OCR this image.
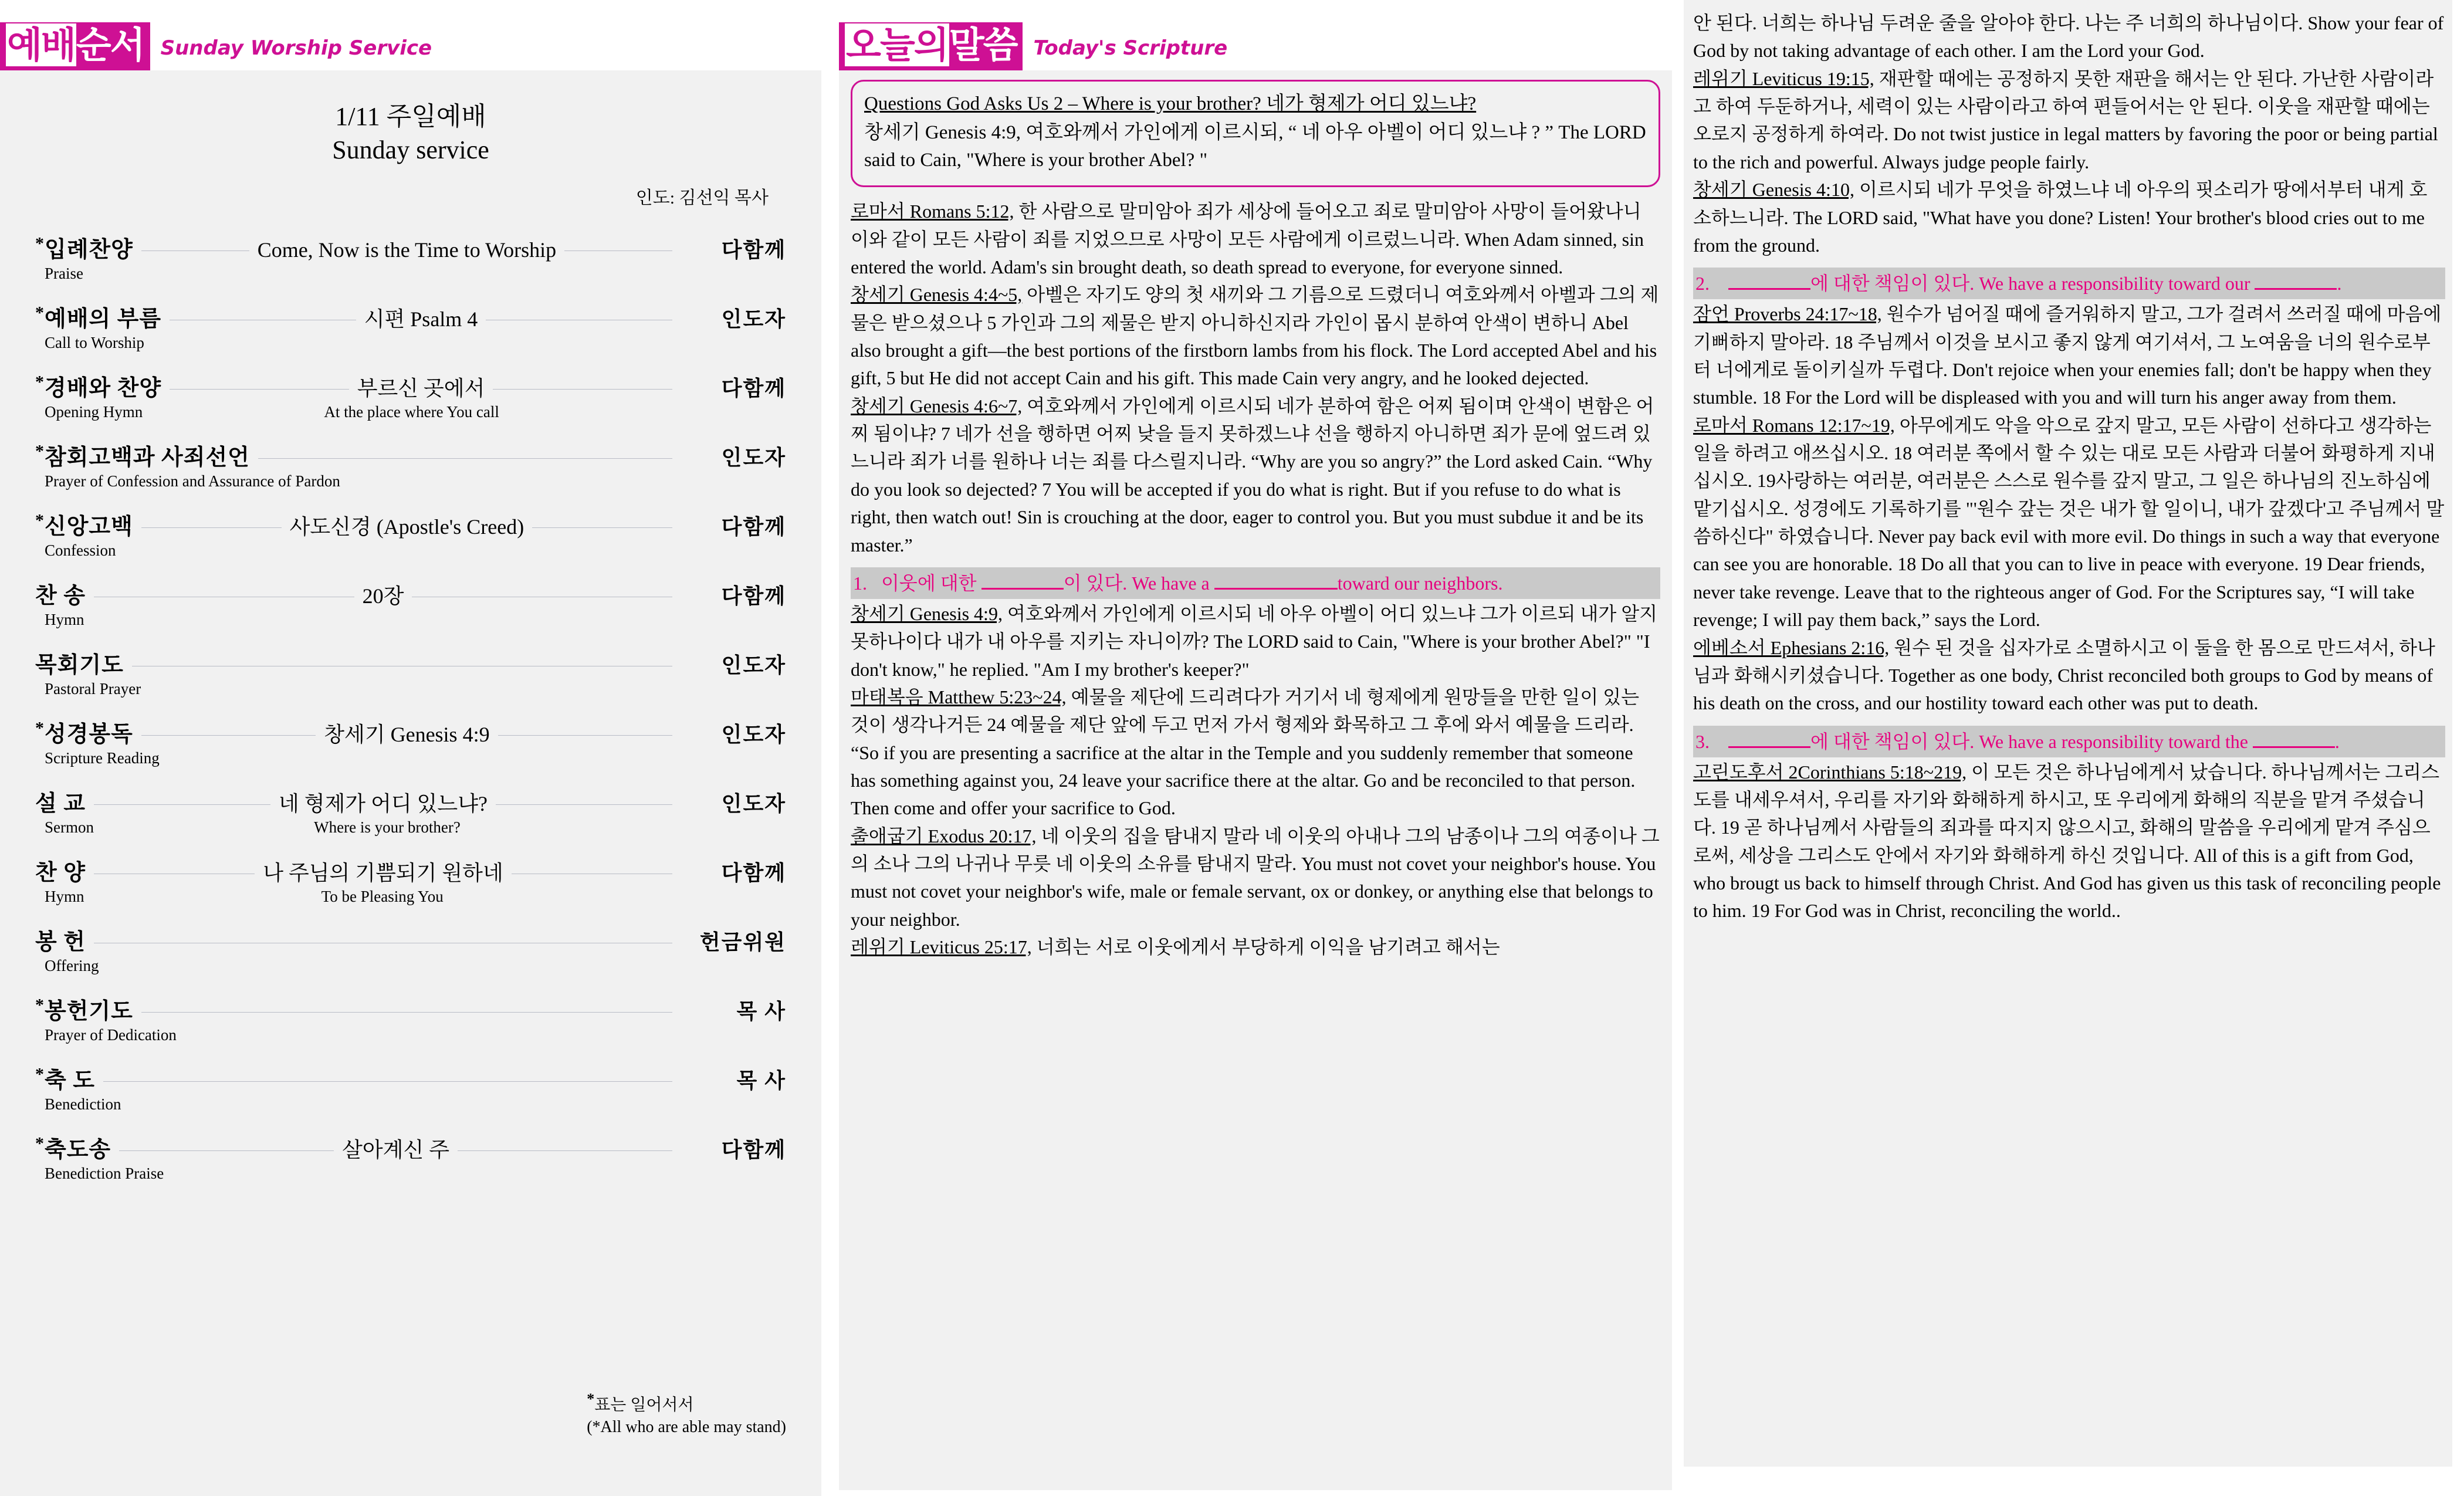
예배순서 Sunday Worship Service
1/11 주일예배
Sunday service
인도: 김선익 목사
*입례찬양	Come, Now is the Time to Worship	다함께
Praise
*예배의 부름	시편 Psalm 4	인도자
Call to Worship
*경배와 찬양	부르신 곳에서	다함께
Opening Hymn	At the place where You call
*참회고백과 사죄선언	인도자
Prayer of Confession and Assurance of Pardon
*신앙고백	사도신경 (Apostle's Creed)	다함께
Confession
찬 송	20장	다함께
Hymn
목회기도	인도자
Pastoral Prayer
*성경봉독	창세기 Genesis 4:9	인도자
Scripture Reading
설 교	네 형제가 어디 있느냐?	인도자
Sermon	Where is your brother?
찬 양	나 주님의 기쁨되기 원하네	다함께
Hymn	To be Pleasing You
봉 헌	헌금위원
Offering
*봉헌기도	목 사
Prayer of Dedication
*축 도	목 사
Benediction
*축도송	살아계신 주	다함께
Benediction Praise
*표는 일어서서
(*All who are able may stand)
오늘의말씀 Today's Scripture
Questions God Asks Us 2 – Where is your brother? 네가 형제가 어디 있느냐?

창세기 Genesis 4:9, 여호와께서 가인에게 이르시되, “ 네 아우 아벨이 어디 있느냐 ? ” The LORD said to Cain, "Where is your brother Abel? "

로마서 Romans 5:12, 한 사람으로 말미암아 죄가 세상에 들어오고 죄로 말미암아 사망이 들어왔나니 이와 같이 모든 사람이 죄를 지었으므로 사망이 모든 사람에게 이르렀느니라. When Adam sinned, sin entered the world. Adam's sin brought death, so death spread to everyone, for everyone sinned.

창세기 Genesis 4:4~5, 아벨은 자기도 양의 첫 새끼와 그 기름으로 드렸더니 여호와께서 아벨과 그의 제물은 받으셨으나 5 가인과 그의 제물은 받지 아니하신지라 가인이 몹시 분하여 안색이 변하니 Abel also brought a gift—the best portions of the firstborn lambs from his flock. The Lord accepted Abel and his gift, 5 but He did not accept Cain and his gift. This made Cain very angry, and he looked dejected.

창세기 Genesis 4:6~7, 여호와께서 가인에게 이르시되 네가 분하여 함은 어찌 됨이며 안색이 변함은 어찌 됨이냐? 7 네가 선을 행하면 어찌 낮을 들지 못하겠느냐 선을 행하지 아니하면 죄가 문에 엎드려 있느니라 죄가 너를 원하나 너는 죄를 다스릴지니라. “Why are you so angry?” the Lord asked Cain. “Why do you look so dejected? 7 You will be accepted if you do what is right. But if you refuse to do what is right, then watch out! Sin is crouching at the door, eager to control you. But you must subdue it and be its master.”

1. 이웃에 대한	이 있다. We have a	toward our neighbors.

창세기 Genesis 4:9, 여호와께서 가인에게 이르시되 네 아우 아벨이 어디 있느냐 그가 이르되 내가 알지 못하나이다 내가 내 아우를 지키는 자니이까? The LORD said to Cain, "Where is your brother Abel?" "I don't know," he replied. "Am I my brother's keeper?"

마태복음 Matthew 5:23~24, 예물을 제단에 드리려다가 거기서 네 형제에게 원망들을 만한 일이 있는 것이 생각나거든 24 예물을 제단 앞에 두고 먼저 가서 형제와 화목하고 그 후에 와서 예물을 드리라. “So if you are presenting a sacrifice at the altar in the Temple and you suddenly remember that someone has something against you, 24 leave your sacrifice there at the altar. Go and be reconciled to that person. Then come and offer your sacrifice to God.

출애굽기 Exodus 20:17, 네 이웃의 집을 탐내지 말라 네 이웃의 아내나 그의 남종이나 그의 여종이나 그의 소나 그의 나귀나 무릇 네 이웃의 소유를 탐내지 말라. You must not covet your neighbor's house. You must not covet your neighbor's wife, male or female servant, ox or donkey, or anything else that belongs to your neighbor.

레위기 Leviticus 25:17, 너희는 서로 이웃에게서 부당하게 이익을 남기려고 해서는

안 된다. 너희는 하나님 두려운 줄을 알아야 한다. 나는 주 너희의 하나님이다. Show your fear of God by not taking advantage of each other. I am the Lord your God.

레위기 Leviticus 19:15, 재판할 때에는 공정하지 못한 재판을 해서는 안 된다. 가난한 사람이라고 하여 두둔하거나, 세력이 있는 사람이라고 하여 편들어서는 안 된다. 이웃을 재판할 때에는 오로지 공정하게 하여라. Do not twist justice in legal matters by favoring the poor or being partial to the rich and powerful. Always judge people fairly.

창세기 Genesis 4:10, 이르시되 네가 무엇을 하였느냐 네 아우의 핏소리가 땅에서부터 내게 호소하느니라. The LORD said, "What have you done? Listen! Your brother's blood cries out to me from the ground.

2.	에 대한 책임이 있다. We have a responsibility toward our	.

잠언 Proverbs 24:17~18, 원수가 넘어질 때에 즐거워하지 말고, 그가 걸려서 쓰러질 때에 마음에 기뻐하지 말아라. 18 주님께서 이것을 보시고 좋지 않게 여기셔서, 그 노여움을 너의 원수로부터 너에게로 돌이키실까 두렵다. Don't rejoice when your enemies fall; don't be happy when they stumble. 18 For the Lord will be displeased with you and will turn his anger away from them.

로마서 Romans 12:17~19, 아무에게도 악을 악으로 갚지 말고, 모든 사람이 선하다고 생각하는 일을 하려고 애쓰십시오. 18 여러분 쪽에서 할 수 있는 대로 모든 사람과 더불어 화평하게 지내십시오. 19사랑하는 여러분, 여러분은 스스로 원수를 갚지 말고, 그 일은 하나님의 진노하심에 맡기십시오. 성경에도 기록하기를 "'원수 갚는 것은 내가 할 일이니, 내가 갚겠다'고 주님께서 말씀하신다" 하였습니다. Never pay back evil with more evil. Do things in such a way that everyone can see you are honorable. 18 Do all that you can to live in peace with everyone. 19 Dear friends, never take revenge. Leave that to the righteous anger of God. For the Scriptures say, “I will take revenge; I will pay them back,” says the Lord.

에베소서 Ephesians 2:16, 원수 된 것을 십자가로 소멸하시고 이 둘을 한 몸으로 만드셔서, 하나님과 화해시키셨습니다. Together as one body, Christ reconciled both groups to God by means of his death on the cross, and our hostility toward each other was put to death.

3.	에 대한 책임이 있다. We have a responsibility toward the	.

고린도후서 2Corinthians 5:18~219, 이 모든 것은 하나님에게서 났습니다. 하나님께서는 그리스도를 내세우셔서, 우리를 자기와 화해하게 하시고, 또 우리에게 화해의 직분을 맡겨 주셨습니다. 19 곧 하나님께서 사람들의 죄과를 따지지 않으시고, 화해의 말씀을 우리에게 맡겨 주심으로써, 세상을 그리스도 안에서 자기와 화해하게 하신 것입니다. All of this is a gift from God, who brougt us back to himself through Christ. And God has given us this task of reconciling people to him. 19 For God was in Christ, reconciling the world..
